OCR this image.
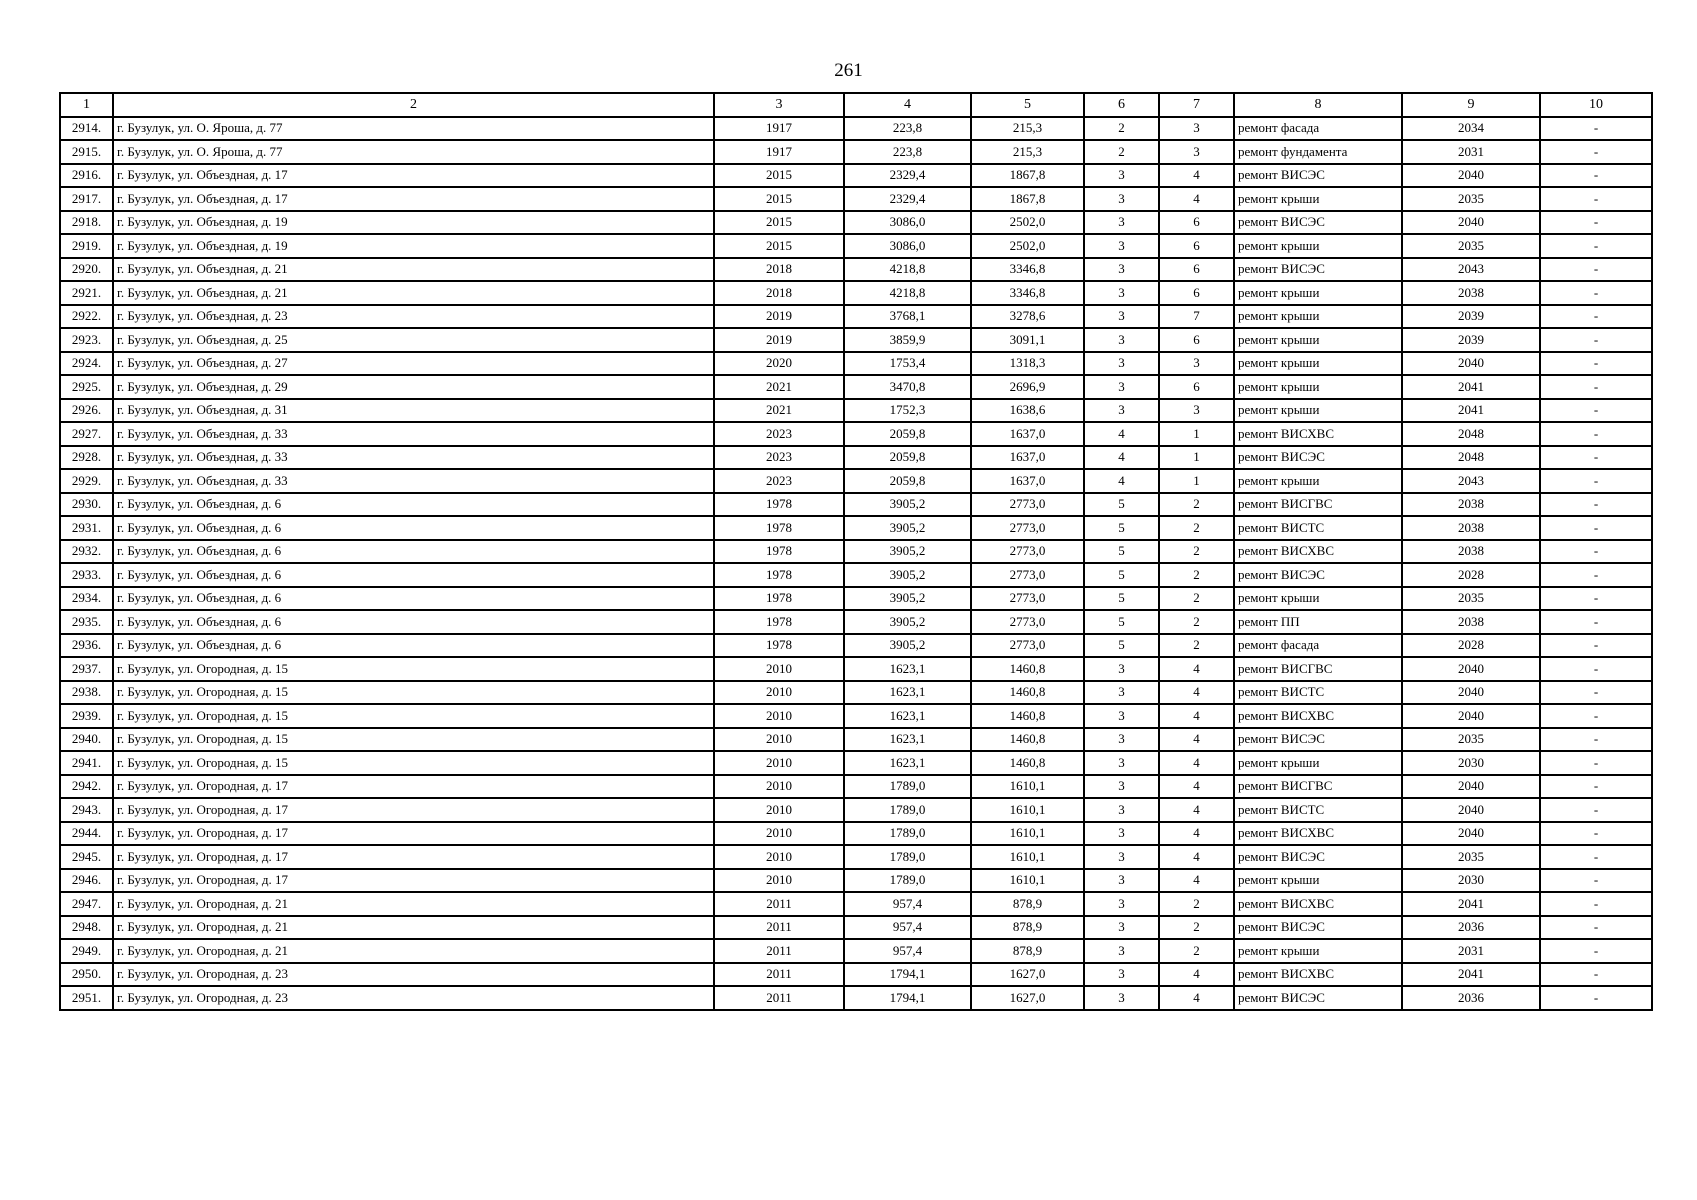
261
1	2	3	4	5	6	7	8	9	10
2914.	г. Бузулук, ул. О. Яроша, д. 77	1917	223,8	215,3	2	3	ремонт фасада	2034	-
2915.	г. Бузулук, ул. О. Яроша, д. 77	1917	223,8	215,3	2	3	ремонт фундамента	2031	-
2916.	г. Бузулук, ул. Объездная, д. 17	2015	2329,4	1867,8	3	4	ремонт ВИСЭС	2040	-
2917.	г. Бузулук, ул. Объездная, д. 17	2015	2329,4	1867,8	3	4	ремонт крыши	2035	-
2918.	г. Бузулук, ул. Объездная, д. 19	2015	3086,0	2502,0	3	6	ремонт ВИСЭС	2040	-
2919.	г. Бузулук, ул. Объездная, д. 19	2015	3086,0	2502,0	3	6	ремонт крыши	2035	-
2920.	г. Бузулук, ул. Объездная, д. 21	2018	4218,8	3346,8	3	6	ремонт ВИСЭС	2043	-
2921.	г. Бузулук, ул. Объездная, д. 21	2018	4218,8	3346,8	3	6	ремонт крыши	2038	-
2922.	г. Бузулук, ул. Объездная, д. 23	2019	3768,1	3278,6	3	7	ремонт крыши	2039	-
2923.	г. Бузулук, ул. Объездная, д. 25	2019	3859,9	3091,1	3	6	ремонт крыши	2039	-
2924.	г. Бузулук, ул. Объездная, д. 27	2020	1753,4	1318,3	3	3	ремонт крыши	2040	-
2925.	г. Бузулук, ул. Объездная, д. 29	2021	3470,8	2696,9	3	6	ремонт крыши	2041	-
2926.	г. Бузулук, ул. Объездная, д. 31	2021	1752,3	1638,6	3	3	ремонт крыши	2041	-
2927.	г. Бузулук, ул. Объездная, д. 33	2023	2059,8	1637,0	4	1	ремонт ВИСХВС	2048	-
2928.	г. Бузулук, ул. Объездная, д. 33	2023	2059,8	1637,0	4	1	ремонт ВИСЭС	2048	-
2929.	г. Бузулук, ул. Объездная, д. 33	2023	2059,8	1637,0	4	1	ремонт крыши	2043	-
2930.	г. Бузулук, ул. Объездная, д. 6	1978	3905,2	2773,0	5	2	ремонт ВИСГВС	2038	-
2931.	г. Бузулук, ул. Объездная, д. 6	1978	3905,2	2773,0	5	2	ремонт ВИСТС	2038	-
2932.	г. Бузулук, ул. Объездная, д. 6	1978	3905,2	2773,0	5	2	ремонт ВИСХВС	2038	-
2933.	г. Бузулук, ул. Объездная, д. 6	1978	3905,2	2773,0	5	2	ремонт ВИСЭС	2028	-
2934.	г. Бузулук, ул. Объездная, д. 6	1978	3905,2	2773,0	5	2	ремонт крыши	2035	-
2935.	г. Бузулук, ул. Объездная, д. 6	1978	3905,2	2773,0	5	2	ремонт ПП	2038	-
2936.	г. Бузулук, ул. Объездная, д. 6	1978	3905,2	2773,0	5	2	ремонт фасада	2028	-
2937.	г. Бузулук, ул. Огородная, д. 15	2010	1623,1	1460,8	3	4	ремонт ВИСГВС	2040	-
2938.	г. Бузулук, ул. Огородная, д. 15	2010	1623,1	1460,8	3	4	ремонт ВИСТС	2040	-
2939.	г. Бузулук, ул. Огородная, д. 15	2010	1623,1	1460,8	3	4	ремонт ВИСХВС	2040	-
2940.	г. Бузулук, ул. Огородная, д. 15	2010	1623,1	1460,8	3	4	ремонт ВИСЭС	2035	-
2941.	г. Бузулук, ул. Огородная, д. 15	2010	1623,1	1460,8	3	4	ремонт крыши	2030	-
2942.	г. Бузулук, ул. Огородная, д. 17	2010	1789,0	1610,1	3	4	ремонт ВИСГВС	2040	-
2943.	г. Бузулук, ул. Огородная, д. 17	2010	1789,0	1610,1	3	4	ремонт ВИСТС	2040	-
2944.	г. Бузулук, ул. Огородная, д. 17	2010	1789,0	1610,1	3	4	ремонт ВИСХВС	2040	-
2945.	г. Бузулук, ул. Огородная, д. 17	2010	1789,0	1610,1	3	4	ремонт ВИСЭС	2035	-
2946.	г. Бузулук, ул. Огородная, д. 17	2010	1789,0	1610,1	3	4	ремонт крыши	2030	-
2947.	г. Бузулук, ул. Огородная, д. 21	2011	957,4	878,9	3	2	ремонт ВИСХВС	2041	-
2948.	г. Бузулук, ул. Огородная, д. 21	2011	957,4	878,9	3	2	ремонт ВИСЭС	2036	-
2949.	г. Бузулук, ул. Огородная, д. 21	2011	957,4	878,9	3	2	ремонт крыши	2031	-
2950.	г. Бузулук, ул. Огородная, д. 23	2011	1794,1	1627,0	3	4	ремонт ВИСХВС	2041	-
2951.	г. Бузулук, ул. Огородная, д. 23	2011	1794,1	1627,0	3	4	ремонт ВИСЭС	2036	-
